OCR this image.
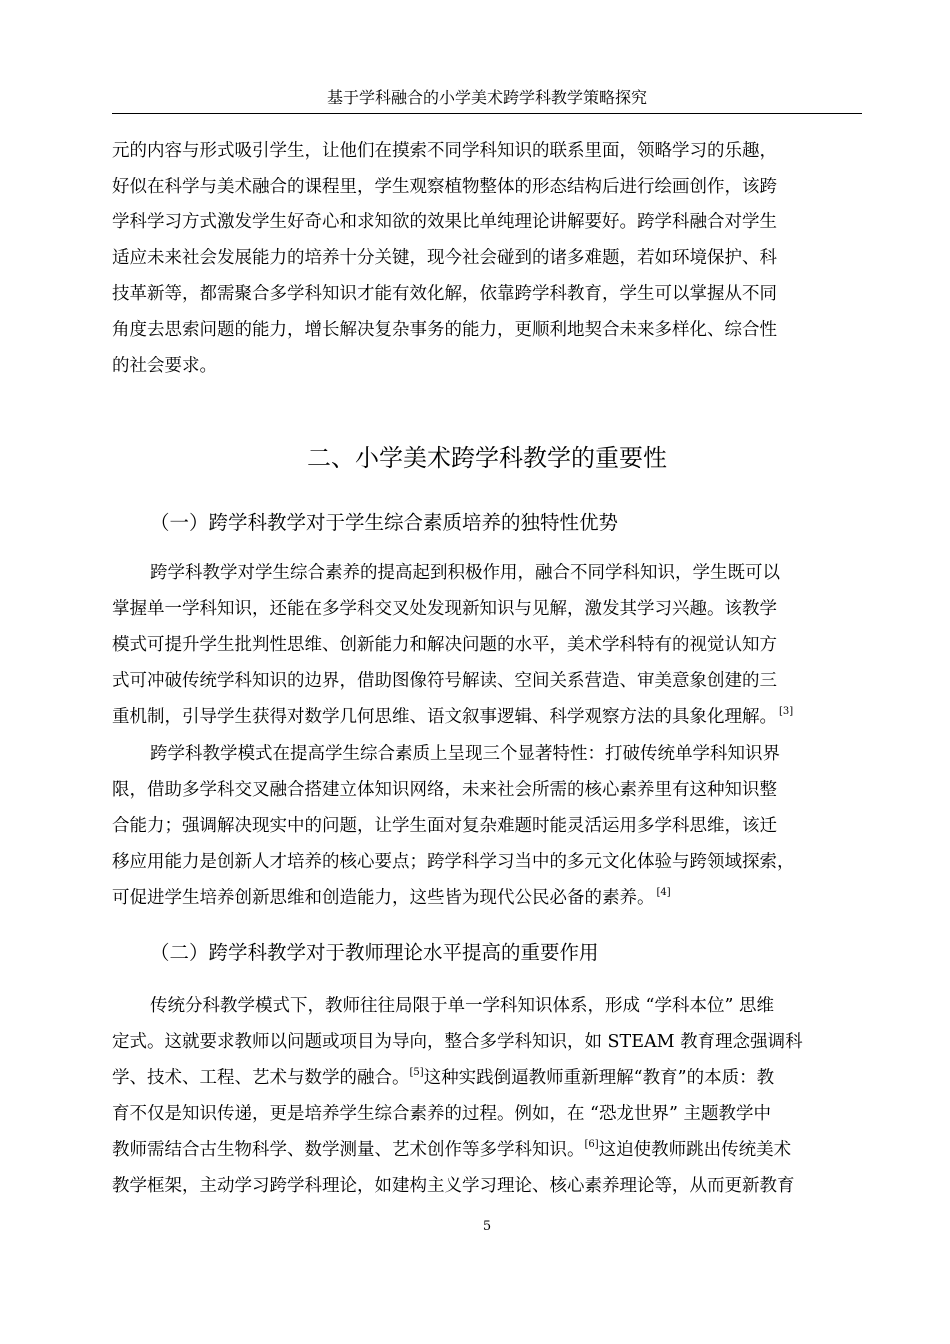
基于学科融合的小学美术跨学科教学策略探究
元的内容与形式吸引学生，让他们在摸索不同学科知识的联系里面，领略学习的乐趣，
好似在科学与美术融合的课程里，学生观察植物整体的形态结构后进行绘画创作，该跨
学科学习方式激发学生好奇心和求知欲的效果比单纯理论讲解要好。跨学科融合对学生
适应未来社会发展能力的培养十分关键，现今社会碰到的诸多难题，若如环境保护、科
技革新等，都需聚合多学科知识才能有效化解，依靠跨学科教育，学生可以掌握从不同
角度去思索问题的能力，增长解决复杂事务的能力，更顺利地契合未来多样化、综合性
的社会要求。
二、小学美术跨学科教学的重要性
（一）跨学科教学对于学生综合素质培养的独特性优势
跨学科教学对学生综合素养的提高起到积极作用，融合不同学科知识，学生既可以
掌握单一学科知识，还能在多学科交叉处发现新知识与见解，激发其学习兴趣。该教学
模式可提升学生批判性思维、创新能力和解决问题的水平，美术学科特有的视觉认知方
式可冲破传统学科知识的边界，借助图像符号解读、空间关系营造、审美意象创建的三
重机制，引导学生获得对数学几何思维、语文叙事逻辑、科学观察方法的具象化理解。 [3]
跨学科教学模式在提高学生综合素质上呈现三个显著特性：打破传统单学科知识界
限，借助多学科交叉融合搭建立体知识网络，未来社会所需的核心素养里有这种知识整
合能力；强调解决现实中的问题，让学生面对复杂难题时能灵活运用多学科思维，该迁
移应用能力是创新人才培养的核心要点；跨学科学习当中的多元文化体验与跨领域探索，
可促进学生培养创新思维和创造能力，这些皆为现代公民必备的素养。 [4]
（二）跨学科教学对于教师理论水平提高的重要作用
传统分科教学模式下，教师往往局限于单一学科知识体系，形成 “学科本位” 思维
定式。这就要求教师以问题或项目为导向，整合多学科知识，如 STEAM 教育理念强调科
学、技术、工程、艺术与数学的融合。[5]这种实践倒逼教师重新理解“教育”的本质：教
育不仅是知识传递，更是培养学生综合素养的过程。例如，在 “恐龙世界” 主题教学中
教师需结合古生物科学、数学测量、艺术创作等多学科知识。[6]这迫使教师跳出传统美术
教学框架，主动学习跨学科理论，如建构主义学习理论、核心素养理论等，从而更新教育
5
